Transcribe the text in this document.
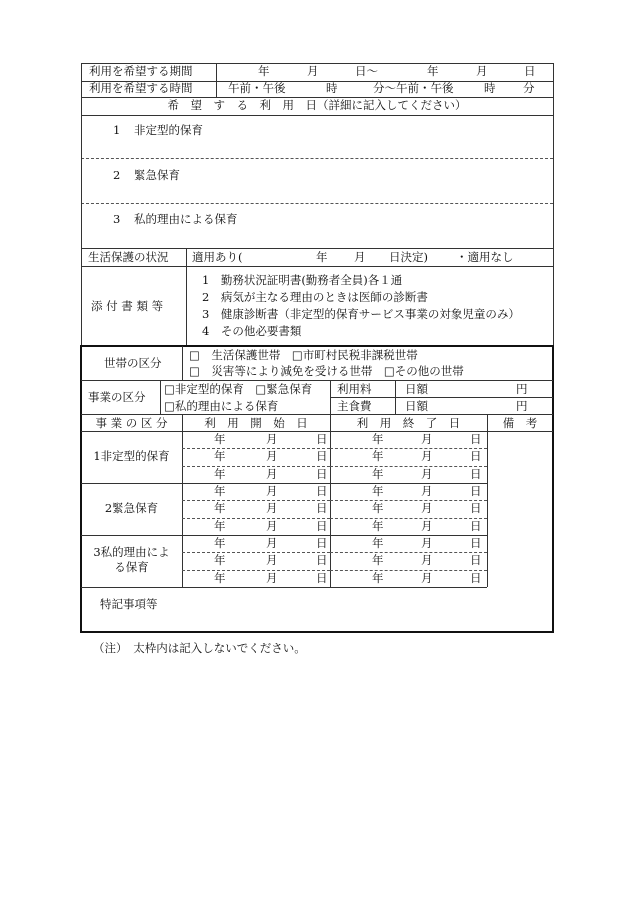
利用を希望する期間	年	月	日〜	年	月	日
利用を希望する時間	午前・午後	時	分〜午前・午後	時 分
希　望　す　る　利　用　日（詳細に記入してください）
1 非定型的保育
2 緊急保育
3 私的理由による保育
生活保護の状況 適用あり(	年 月 日決定) ・適用なし
添 付 書 類 等
1　勤務状況証明書(勤務者全員)各１通
2　病気が主なる理由のときは医師の診断書
3　健康診断書（非定型的保育サービス事業の対象児童のみ）
4　その他必要書類
世帯の区分
□　生活保護世帯　□市町村民税非課税世帯
□　災害等により減免を受ける世帯　□その他の世帯
事業の区分
□非定型的保育　□緊急保育
□私的理由による保育
利用料	日額	円
主食費	日額	円
事 業 の 区 分	利　用　開　始　日	利　用　終　了　日	備　考
1非定型的保育
年	月	日	年	月	日
年	月	日	年	月	日
年	月	日	年	月	日
2緊急保育
年	月	日	年	月	日
年	月	日	年	月	日
年	月	日	年	月	日
3私的理由によ
る保育
年	月	日	年	月	日
年	月	日	年	月	日
年	月	日	年	月	日
特記事項等
（注）　太枠内は記入しないでください。
